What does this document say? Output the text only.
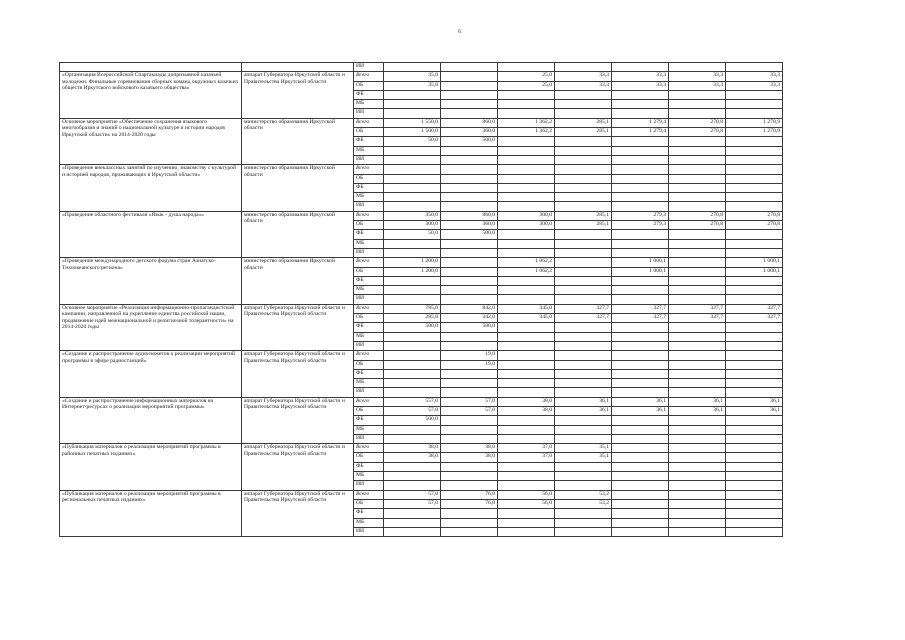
6
		ИИ							
«Организация Всероссийской Спартакиады допризывной казачьей молодежи. Финальные соревнования сборных команд окружных казачьих обществ Иркутского войскового казачьего общества»	аппарат Губернатора Иркутской области и Правительства Иркутской области	Всего	35,0		25,0	33,3	33,3	33,3	33,3
		ОБ	35,0		25,0	33,3	33,3	33,3	33,3
		ФБ							
		МБ							
		ИИ							
Основное мероприятие «Обеспечение сохранения языкового многообразия и знаний о национальной культуре и истории народов Иркутской области» на 2014-2020 годы	министерство образования Иркутской области	Всего	1 550,0	860,0	1 362,2	285,1	1 279,4	270,8	1 270,9
		ОБ	1 500,0	360,0	1 362,2	285,1	1 279,4	270,8	1 270,9
		ФБ	50,0	500,0					
		МБ							
		ИИ							
«Проведение внеклассных занятий по изучению, знакомству с культурой и историей народов, проживающих в Иркутской области»	министерство образования Иркутской области	Всего							
		ОБ							
		ФБ							
		МБ							
		ИИ							
«Проведение областного фестиваля «Язык - душа народа»»	министерство образования Иркутской области	Всего	350,0	860,0	300,0	285,1	279,3	270,8	270,8
		ОБ	300,0	360,0	300,0	285,1	279,3	270,8	270,8
		ФБ	50,0	500,0					
		МБ							
		ИИ							
«Проведение международного детского форума стран Азиатско-Тихоокеанского региона»	министерство образования Иркутской области	Всего	1 200,0		1 062,2		1 000,1		1 000,1
		ОБ	1 200,0		1 062,2		1 000,1		1 000,1
		ФБ							
		МБ							
		ИИ							
Основное мероприятие «Реализация информационно-пропагандистской кампании, направленной на укрепление единства российской нации, продвижение идей межнациональной и религиозной толерантности» на 2014-2020 годы	аппарат Губернатора Иркутской области и Правительства Иркутской области	Всего	785,0	842,0	345,0	327,7	327,7	327,7	327,7
		ОБ	285,0	342,0	345,0	327,7	327,7	327,7	327,7
		ФБ	500,0	500,0					
		МБ							
		ИИ							
«Создание и распространение аудиосюжетов о реализации мероприятий программы в эфире радиостанций»	аппарат Губернатора Иркутской области и Правительства Иркутской области	Всего		19,0					
		ОБ		19,0					
		ФБ							
		МБ							
		ИИ							
«Создание и распространение информационных материалов на Интернет-ресурсах о реализации мероприятий программы»	аппарат Губернатора Иркутской области и Правительства Иркутской области	Всего	557,0	57,0	38,0	36,1	36,1	36,1	36,1
		ОБ	57,0	57,0	38,0	36,1	36,1	36,1	36,1
		ФБ	500,0						
		МБ							
		ИИ							
«Публикация материалов о реализации мероприятий программы в районных печатных изданиях»	аппарат Губернатора Иркутской области и Правительства Иркутской области	Всего	38,0	38,0	37,0	35,1			
		ОБ	38,0	38,0	37,0	35,1			
		ФБ							
		МБ							
		ИИ							
«Публикация материалов о реализации мероприятий программы в региональных печатных изданиях»	аппарат Губернатора Иркутской области и Правительства Иркутской области	Всего	57,0	76,0	56,0	53,2			
		ОБ	57,0	76,0	56,0	53,2			
		ФБ							
		МБ							
		ИИ							
